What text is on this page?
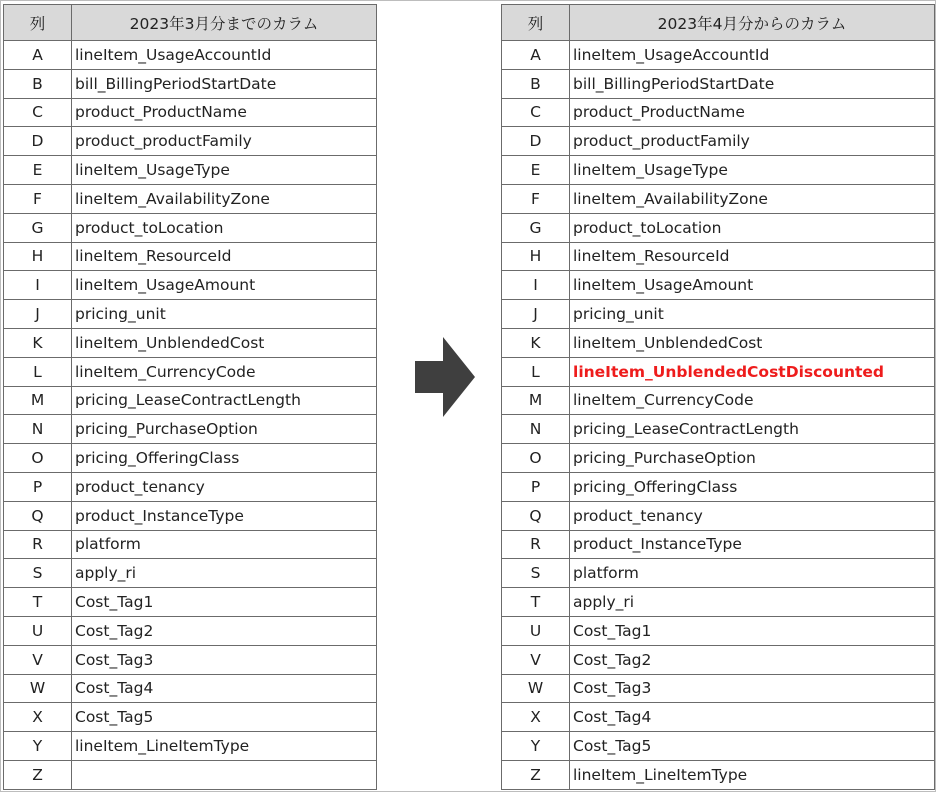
列	2023年3月分までのカラム
A	lineItem_UsageAccountId
B	bill_BillingPeriodStartDate
C	product_ProductName
D	product_productFamily
E	lineItem_UsageType
F	lineItem_AvailabilityZone
G	product_toLocation
H	lineItem_ResourceId
I	lineItem_UsageAmount
J	pricing_unit
K	lineItem_UnblendedCost
L	lineItem_CurrencyCode
M	pricing_LeaseContractLength
N	pricing_PurchaseOption
O	pricing_OfferingClass
P	product_tenancy
Q	product_InstanceType
R	platform
S	apply_ri
T	Cost_Tag1
U	Cost_Tag2
V	Cost_Tag3
W	Cost_Tag4
X	Cost_Tag5
Y	lineItem_LineItemType
Z	
列	2023年4月分からのカラム
A	lineItem_UsageAccountId
B	bill_BillingPeriodStartDate
C	product_ProductName
D	product_productFamily
E	lineItem_UsageType
F	lineItem_AvailabilityZone
G	product_toLocation
H	lineItem_ResourceId
I	lineItem_UsageAmount
J	pricing_unit
K	lineItem_UnblendedCost
L	lineItem_UnblendedCostDiscounted
M	lineItem_CurrencyCode
N	pricing_LeaseContractLength
O	pricing_PurchaseOption
P	pricing_OfferingClass
Q	product_tenancy
R	product_InstanceType
S	platform
T	apply_ri
U	Cost_Tag1
V	Cost_Tag2
W	Cost_Tag3
X	Cost_Tag4
Y	Cost_Tag5
Z	lineItem_LineItemType
